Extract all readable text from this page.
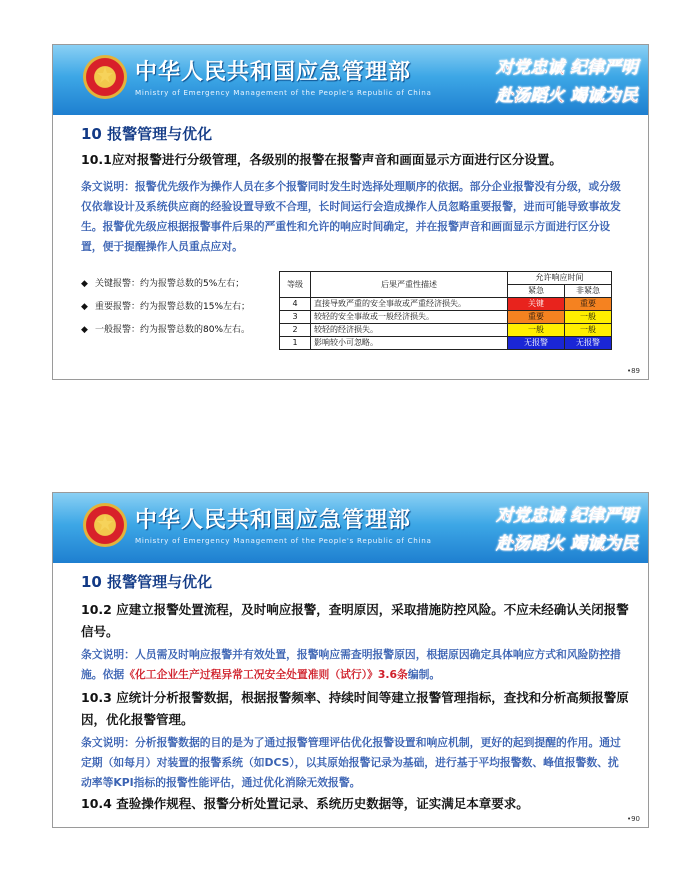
中华人民共和国应急管理部
Ministry of Emergency Management of the People's Republic of China
对党忠诚 纪律严明
赴汤蹈火 竭诚为民
10 报警管理与优化
10.1应对报警进行分级管理，各级别的报警在报警声音和画面显示方面进行区分设置。
条文说明：报警优先级作为操作人员在多个报警同时发生时选择处理顺序的依据。部分企业报警没有分级，或分级仅依靠设计及系统供应商的经验设置导致不合理，长时间运行会造成操作人员忽略重要报警，进而可能导致事故发生。报警优先级应根据报警事件后果的严重性和允许的响应时间确定，并在报警声音和画面显示方面进行区分设置，便于提醒操作人员重点应对。
◆ 关键报警：约为报警总数的5%左右；
◆ 重要报警：约为报警总数的15%左右；
◆ 一般报警：约为报警总数的80%左右。
等级	后果严重性描述	允许响应时间	
		紧急	非紧急
4	直接导致严重的安全事故或严重经济损失。	关键	重要
3	较轻的安全事故或一般经济损失。	重要	一般
2	较轻的经济损失。	一般	一般
1	影响较小可忽略。	无报警	无报警
•89
中华人民共和国应急管理部
Ministry of Emergency Management of the People's Republic of China
对党忠诚 纪律严明
赴汤蹈火 竭诚为民
10 报警管理与优化
10.2 应建立报警处置流程，及时响应报警，查明原因，采取措施防控风险。不应未经确认关闭报警信号。
条文说明：人员需及时响应报警并有效处置，报警响应需查明报警原因，根据原因确定具体响应方式和风险防控措施。依据《化工企业生产过程异常工况安全处置准则（试行）》3.6条编制。
10.3 应统计分析报警数据，根据报警频率、持续时间等建立报警管理指标，查找和分析高频报警原因，优化报警管理。
条文说明：分析报警数据的目的是为了通过报警管理评估优化报警设置和响应机制，更好的起到提醒的作用。通过定期（如每月）对装置的报警系统（如DCS），以其原始报警记录为基础，进行基于平均报警数、峰值报警数、扰动率等KPI指标的报警性能评估，通过优化消除无效报警。
10.4 查验操作规程、报警分析处置记录、系统历史数据等，证实满足本章要求。
•90
